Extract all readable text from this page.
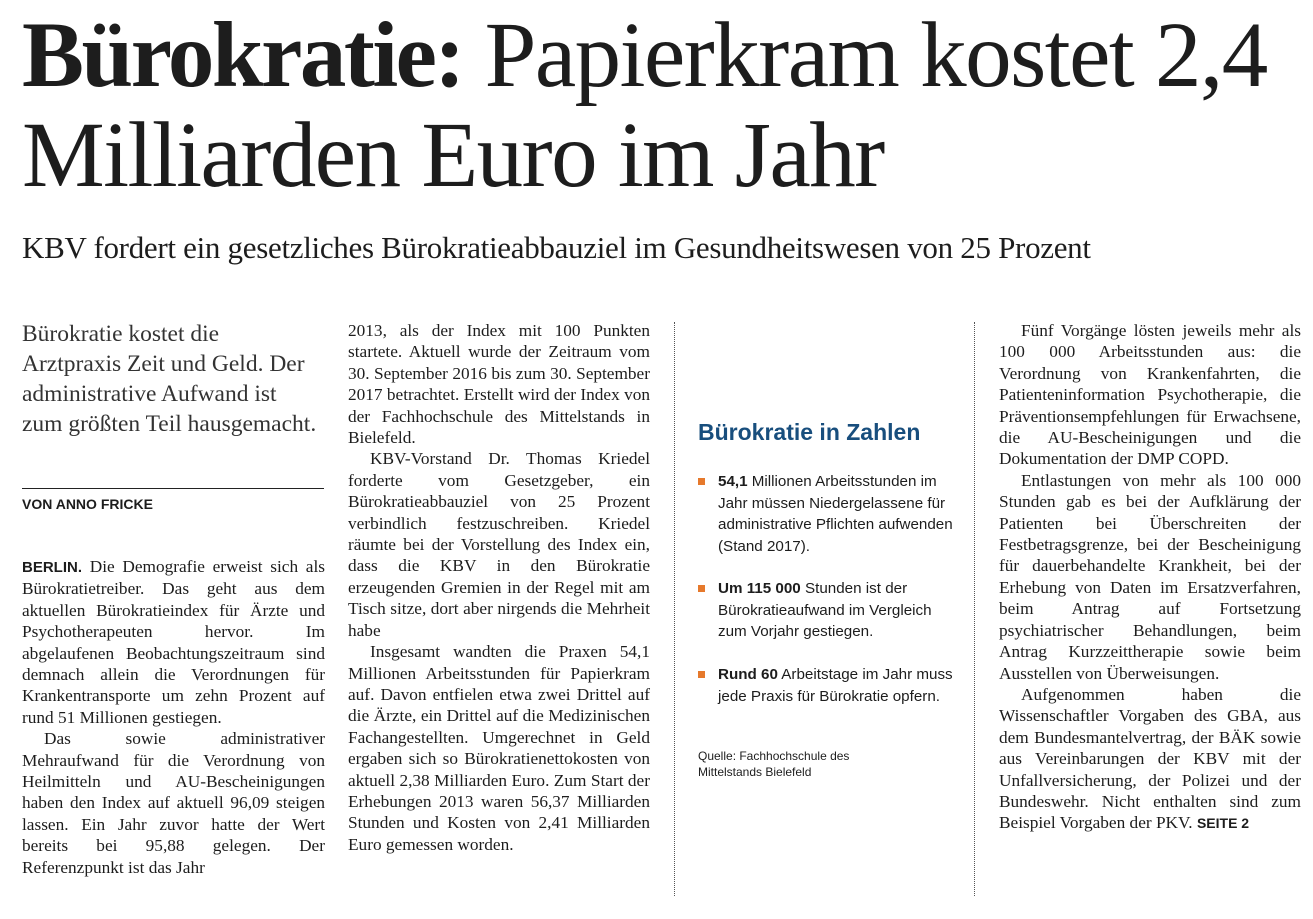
Bürokratie: Papierkram kostet 2,4 Milliarden Euro im Jahr
KBV fordert ein gesetzliches Bürokratieabbauziel im Gesundheitswesen von 25 Prozent

Bürokratie kostet die Arztpraxis Zeit und Geld. Der administrative Aufwand ist zum größten Teil hausgemacht.

VON ANNO FRICKE

BERLIN. Die Demografie erweist sich als Bürokratietreiber. Das geht aus dem aktuellen Bürokratieindex für Ärzte und Psychotherapeuten hervor. Im abgelaufenen Beobachtungszeitraum sind demnach allein die Verordnungen für Krankentransporte um zehn Prozent auf rund 51 Millionen gestiegen.

Das sowie administrativer Mehraufwand für die Verordnung von Heilmitteln und AU-Bescheinigungen haben den Index auf aktuell 96,09 steigen lassen. Ein Jahr zuvor hatte der Wert bereits bei 95,88 gelegen. Der Referenzpunkt ist das Jahr

2013, als der Index mit 100 Punkten startete. Aktuell wurde der Zeitraum vom 30. September 2016 bis zum 30. September 2017 betrachtet. Erstellt wird der Index von der Fachhochschule des Mittelstands in Bielefeld.

KBV-Vorstand Dr. Thomas Kriedel forderte vom Gesetzgeber, ein Bürokratieabbauziel von 25 Prozent verbindlich festzuschreiben. Kriedel räumte bei der Vorstellung des Index ein, dass die KBV in den Bürokratie erzeugenden Gremien in der Regel mit am Tisch sitze, dort aber nirgends die Mehrheit habe

Insgesamt wandten die Praxen 54,1 Millionen Arbeitsstunden für Papierkram auf. Davon entfielen etwa zwei Drittel auf die Ärzte, ein Drittel auf die Medizinischen Fachangestellten. Umgerechnet in Geld ergaben sich so Bürokratienettokosten von aktuell 2,38 Milliarden Euro. Zum Start der Erhebungen 2013 waren 56,37 Milliarden Stunden und Kosten von 2,41 Milliarden Euro gemessen worden.

Bürokratie in Zahlen
54,1 Millionen Arbeitsstunden im Jahr müssen Niedergelassene für administrative Pflichten aufwenden (Stand 2017).
Um 115 000 Stunden ist der Bürokratieaufwand im Vergleich zum Vorjahr gestiegen.
Rund 60 Arbeitstage im Jahr muss jede Praxis für Bürokratie opfern.
Quelle: Fachhochschule des Mittelstands Bielefeld

Fünf Vorgänge lösten jeweils mehr als 100 000 Arbeitsstunden aus: die Verordnung von Krankenfahrten, die Patienteninformation Psychotherapie, die Präventionsempfehlungen für Erwachsene, die AU-Bescheinigungen und die Dokumentation der DMP COPD.

Entlastungen von mehr als 100 000 Stunden gab es bei der Aufklärung der Patienten bei Überschreiten der Festbetragsgrenze, bei der Bescheinigung für dauerbehandelte Krankheit, bei der Erhebung von Daten im Ersatzverfahren, beim Antrag auf Fortsetzung psychiatrischer Behandlungen, beim Antrag Kurzzeittherapie sowie beim Ausstellen von Überweisungen.

Aufgenommen haben die Wissenschaftler Vorgaben des GBA, aus dem Bundesmantelvertrag, der BÄK sowie aus Vereinbarungen der KBV mit der Unfallversicherung, der Polizei und der Bundeswehr. Nicht enthalten sind zum Beispiel Vorgaben der PKV. SEITE 2
